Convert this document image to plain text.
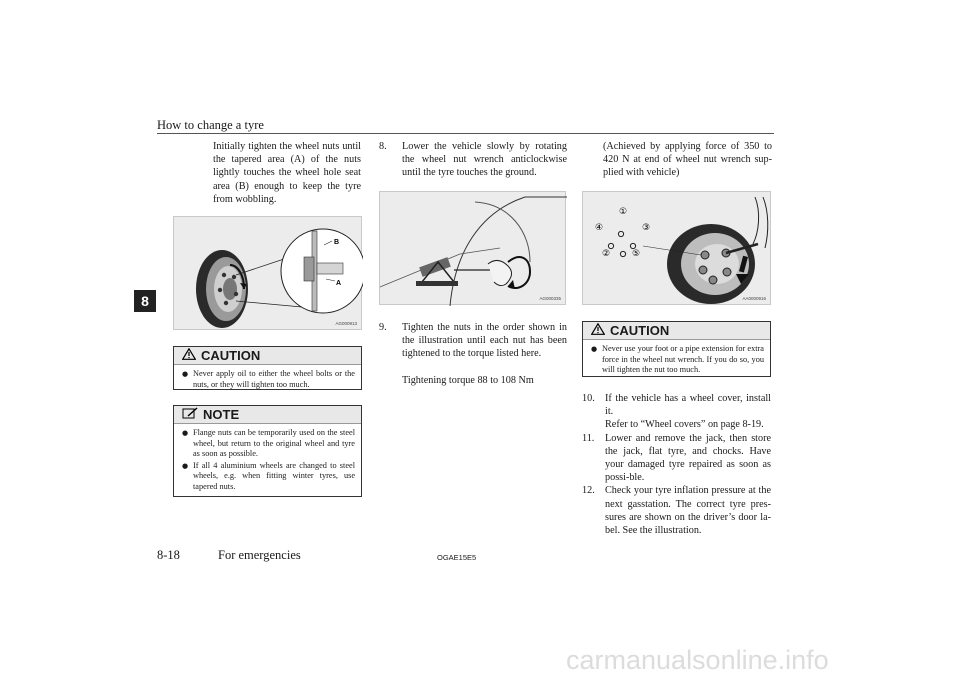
How to change a tyre
8
Initially tighten the wheel nuts until the tapered area (A) of the nuts lightly touches the wheel hole seat area (B) enough to keep the tyre from wobbling.
B
A
AG000913
CAUTION
● Never apply oil to either the wheel bolts or the nuts, or they will tighten too much.
NOTE
● Flange nuts can be temporarily used on the steel wheel, but return to the original wheel and tyre as soon as possible.
● If all 4 aluminium wheels are changed to steel wheels, e.g. when fitting winter tyres, use tapered nuts.
8.	Lower the vehicle slowly by rotating the wheel nut wrench anticlockwise until the tyre touches the ground.
AG000335
9.	Tighten the nuts in the order shown in the illustration until each nut has been tightened to the torque listed here.
Tightening torque 88 to 108 Nm
(Achieved by applying force of 350 to 420 N at end of wheel nut wrench sup-plied with vehicle)
①
③
④
② ⑤
AA0000916
CAUTION
● Never use your foot or a pipe extension for extra force in the wheel nut wrench. If you do so, you will tighten the nut too much.
10.	If the vehicle has a wheel cover, install it.
Refer to “Wheel covers” on page 8-19.
11.	Lower and remove the jack, then store the jack, flat tyre, and chocks. Have your damaged tyre repaired as soon as possi-ble.
12.	Check your tyre inflation pressure at the next gasstation. The correct tyre pres-sures are shown on the driver’s door la-bel. See the illustration.
8-18	For emergencies	OGAE15E5
carmanualsonline.info
